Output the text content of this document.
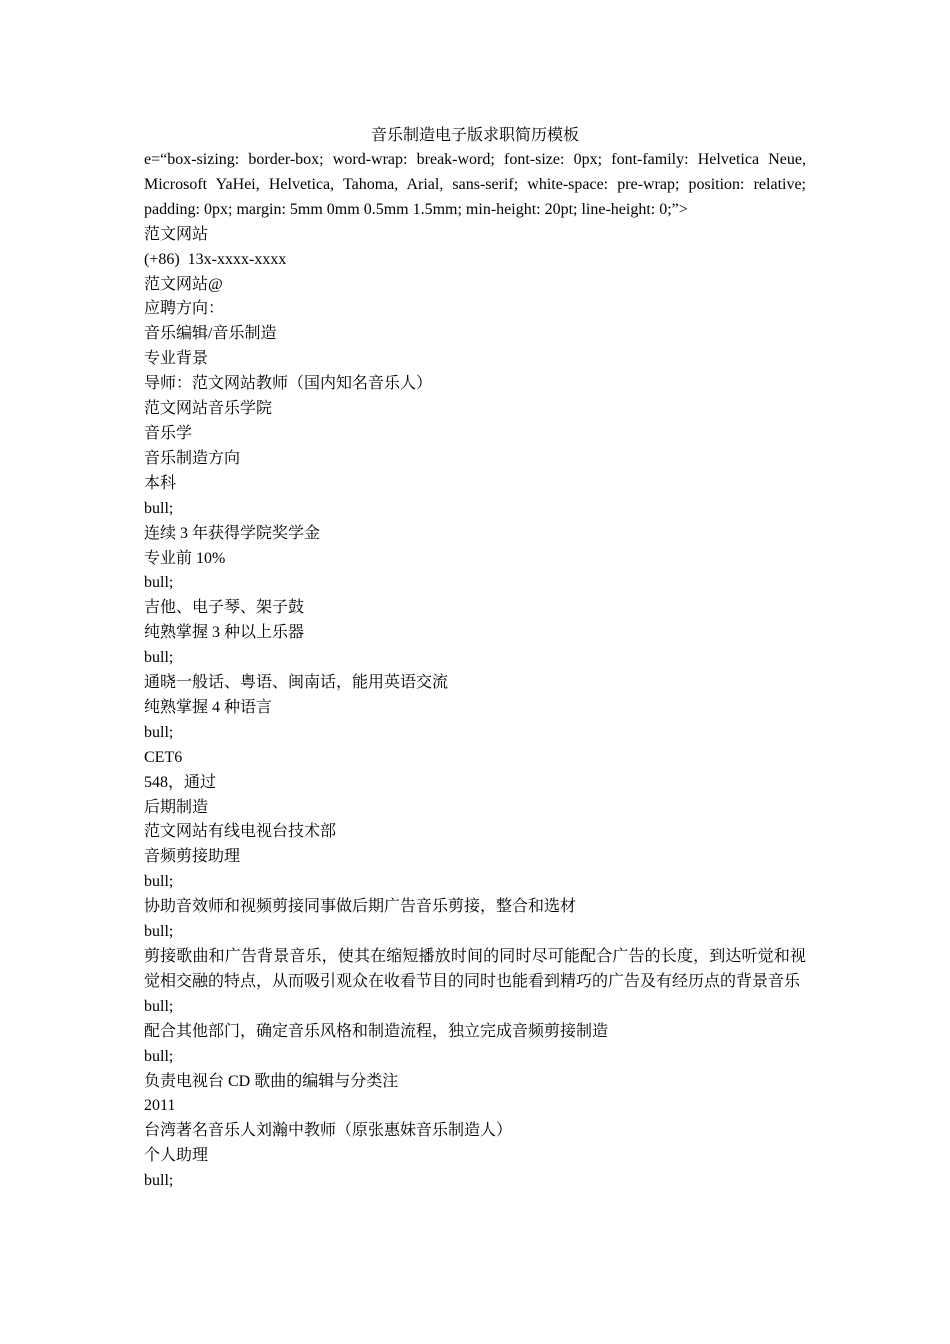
音乐制造电子版求职简历模板

e=“box-sizing: border-box; word-wrap: break-word; font-size: 0px; font-family: Helvetica Neue, Microsoft YaHei, Helvetica, Tahoma, Arial, sans-serif; white-space: pre-wrap; position: relative; padding: 0px; margin: 5mm 0mm 0.5mm 1.5mm; min-height: 20pt; line-height: 0;”>

范文网站

(+86)  13x-xxxx-xxxx

范文网站@

应聘方向：

音乐编辑/音乐制造

专业背景

导师：范文网站教师（国内知名音乐人）

范文网站音乐学院

音乐学

音乐制造方向

本科

bull;

连续 3 年获得学院奖学金

专业前 10%

bull;

吉他、电子琴、架子鼓

纯熟掌握 3 种以上乐器

bull;

通晓一般话、粤语、闽南话，能用英语交流

纯熟掌握 4 种语言

bull;

CET6

548，通过

后期制造

范文网站有线电视台技术部

音频剪接助理

bull;

协助音效师和视频剪接同事做后期广告音乐剪接，整合和选材

bull;

剪接歌曲和广告背景音乐，使其在缩短播放时间的同时尽可能配合广告的长度，到达听觉和视觉相交融的特点，从而吸引观众在收看节目的同时也能看到精巧的广告及有经历点的背景音乐

bull;

配合其他部门，确定音乐风格和制造流程，独立完成音频剪接制造

bull;

负责电视台 CD 歌曲的编辑与分类注

2011

台湾著名音乐人刘瀚中教师（原张惠妹音乐制造人）

个人助理

bull;
